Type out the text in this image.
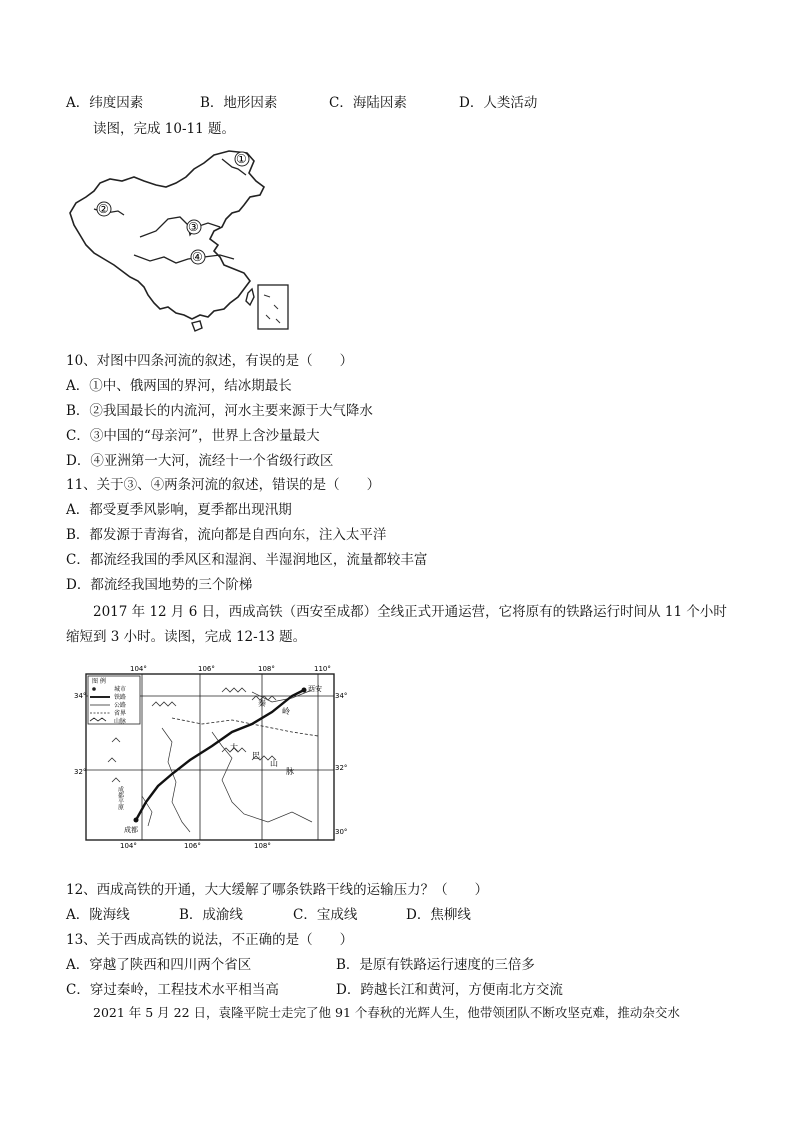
A．纬度因素	B．地形因素	C．海陆因素	D．人类活动
读图，完成 10-11 题。
①
②
③
④
10、对图中四条河流的叙述，有误的是（　　）
A．①中、俄两国的界河，结冰期最长
B．②我国最长的内流河，河水主要来源于大气降水
C．③中国的“母亲河”，世界上含沙量最大
D．④亚洲第一大河，流经十一个省级行政区
11、关于③、④两条河流的叙述，错误的是（　　）
A．都受夏季风影响，夏季都出现汛期
B．都发源于青海省，流向都是自西向东，注入太平洋
C．都流经我国的季风区和湿润、半湿润地区，流量都较丰富
D．都流经我国地势的三个阶梯
2017 年 12 月 6 日，西成高铁（西安至成都）全线正式开通运营，它将原有的铁路运行时间从 11 个小时
缩短到 3 小时。读图，完成 12-13 题。
104°	106°	108°	110°
104°	106°	108°
34°
32°
34°
32°
30°
图 例
城市
铁路
公路
省界
山脉
西安
成都
成都平原
秦
岭
大
巴
山
脉
12、西成高铁的开通，大大缓解了哪条铁路干线的运输压力？（　　）
A．陇海线	B．成渝线	C．宝成线	D．焦柳线
13、关于西成高铁的说法，不正确的是（　　）
A．穿越了陕西和四川两个省区	B．是原有铁路运行速度的三倍多
C．穿过秦岭，工程技术水平相当高	D．跨越长江和黄河，方便南北方交流
2021 年 5 月 22 日，袁隆平院士走完了他 91 个春秋的光辉人生，他带领团队不断攻坚克难，推动杂交水
